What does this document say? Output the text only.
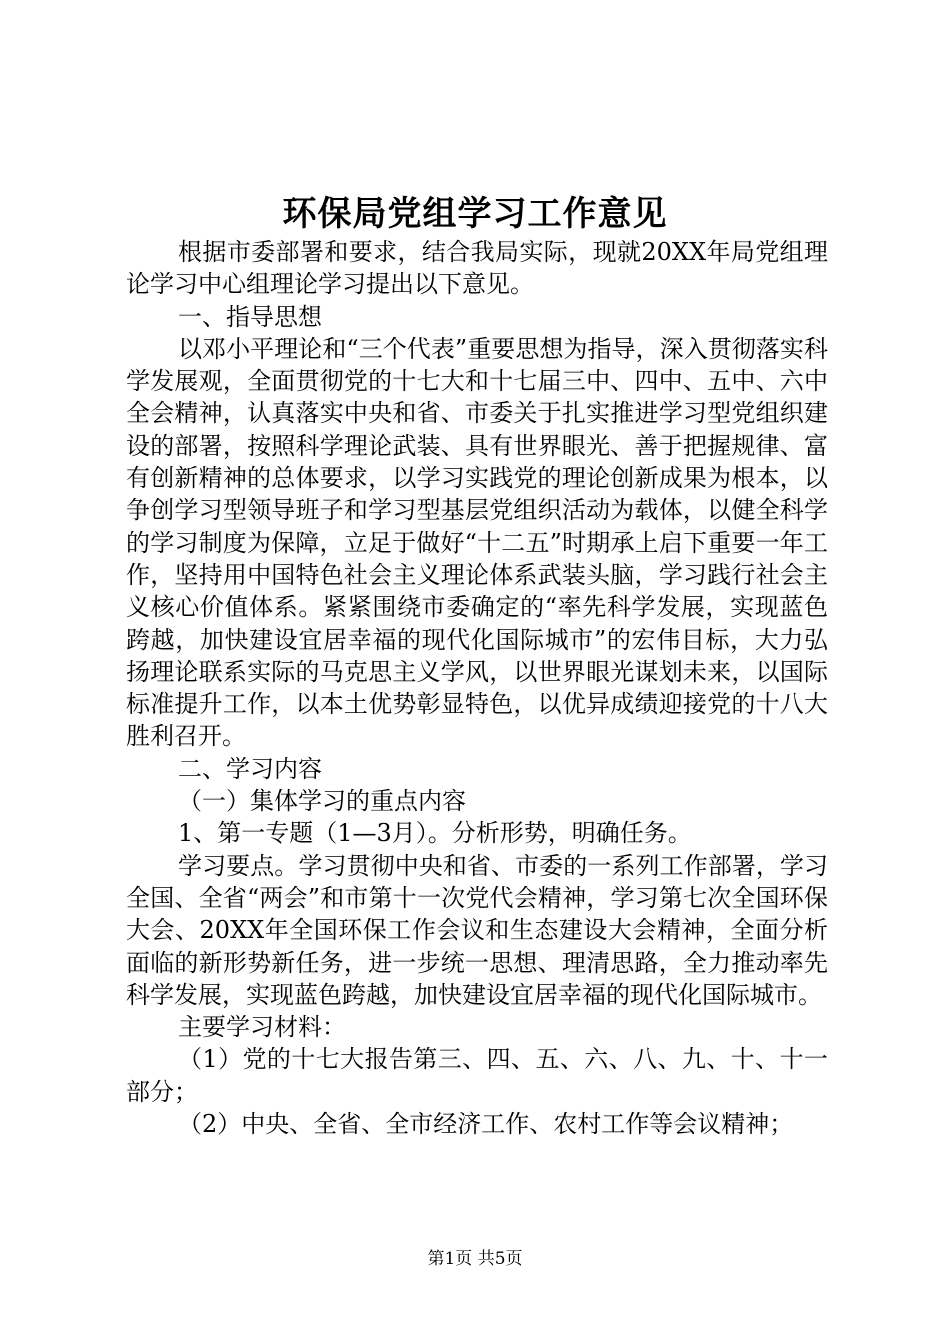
环保局党组学习工作意见

根据市委部署和要求，结合我局实际，现就20XX年局党组理论学习中心组理论学习提出以下意见。

一、指导思想

以邓小平理论和“三个代表”重要思想为指导，深入贯彻落实科学发展观，全面贯彻党的十七大和十七届三中、四中、五中、六中全会精神，认真落实中央和省、市委关于扎实推进学习型党组织建设的部署，按照科学理论武装、具有世界眼光、善于把握规律、富有创新精神的总体要求，以学习实践党的理论创新成果为根本，以争创学习型领导班子和学习型基层党组织活动为载体，以健全科学的学习制度为保障，立足于做好“十二五”时期承上启下重要一年工作，坚持用中国特色社会主义理论体系武装头脑，学习践行社会主义核心价值体系。紧紧围绕市委确定的“率先科学发展，实现蓝色跨越，加快建设宜居幸福的现代化国际城市”的宏伟目标，大力弘扬理论联系实际的马克思主义学风，以世界眼光谋划未来，以国际标准提升工作，以本土优势彰显特色，以优异成绩迎接党的十八大胜利召开。

二、学习内容

（一）集体学习的重点内容

1、第一专题（1—3月）。分析形势，明确任务。

学习要点。学习贯彻中央和省、市委的一系列工作部署，学习全国、全省“两会”和市第十一次党代会精神，学习第七次全国环保大会、20XX年全国环保工作会议和生态建设大会精神，全面分析面临的新形势新任务，进一步统一思想、理清思路，全力推动率先科学发展，实现蓝色跨越，加快建设宜居幸福的现代化国际城市。

主要学习材料：

（1）党的十七大报告第三、四、五、六、八、九、十、十一部分；

（2）中央、全省、全市经济工作、农村工作等会议精神；

第1页 共5页
